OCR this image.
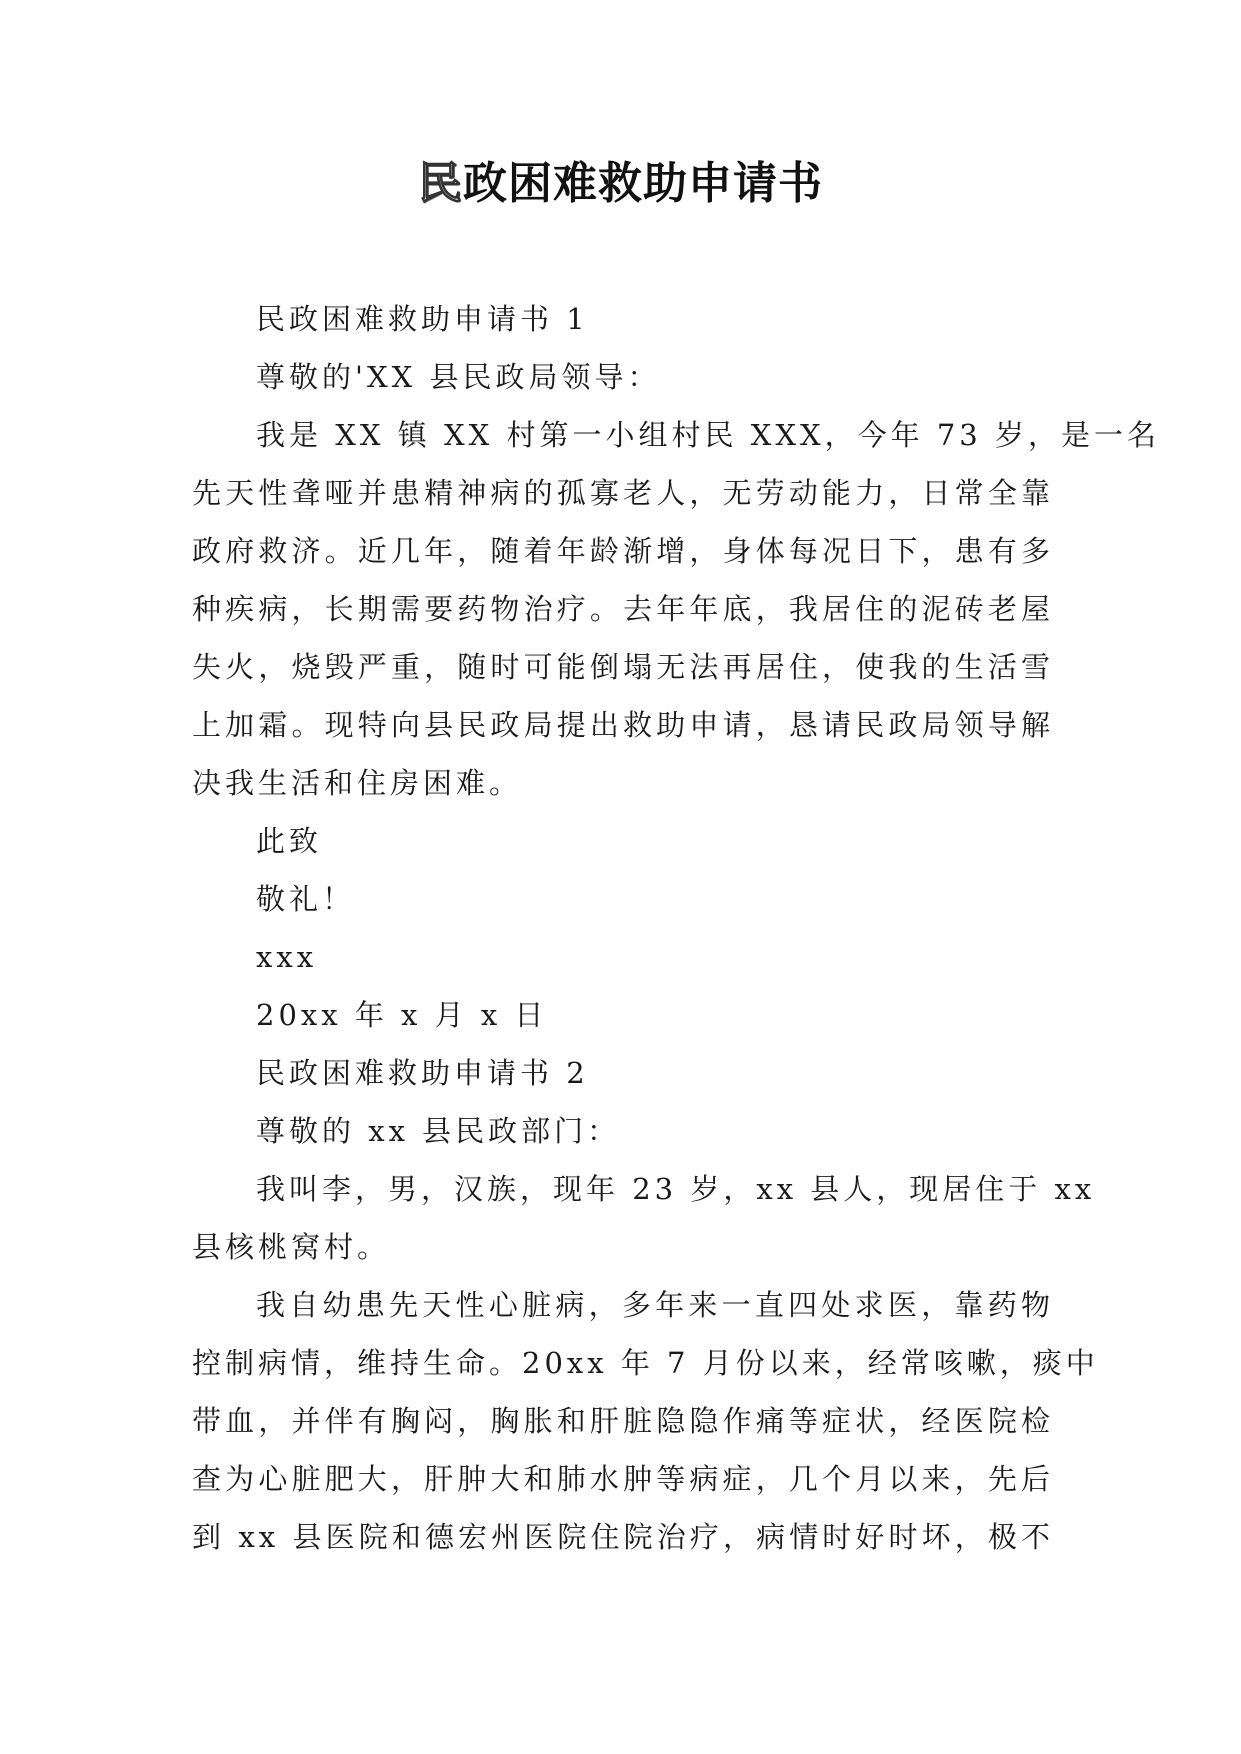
民政困难救助申请书

民政困难救助申请书 1

尊敬的'XX 县民政局领导：

我是 XX 镇 XX 村第一小组村民 XXX，今年 73 岁，是一名

先天性聋哑并患精神病的孤寡老人，无劳动能力，日常全靠

政府救济。近几年，随着年龄渐增，身体每况日下，患有多

种疾病，长期需要药物治疗。去年年底，我居住的泥砖老屋

失火，烧毁严重，随时可能倒塌无法再居住，使我的生活雪

上加霜。现特向县民政局提出救助申请，恳请民政局领导解

决我生活和住房困难。

此致

敬礼！

xxx

20xx 年 x 月 x 日

民政困难救助申请书 2

尊敬的 xx 县民政部门：

我叫李，男，汉族，现年 23 岁，xx 县人，现居住于 xx

县核桃窝村。

我自幼患先天性心脏病，多年来一直四处求医，靠药物

控制病情，维持生命。20xx 年 7 月份以来，经常咳嗽，痰中

带血，并伴有胸闷，胸胀和肝脏隐隐作痛等症状，经医院检

查为心脏肥大，肝肿大和肺水肿等病症，几个月以来，先后

到 xx 县医院和德宏州医院住院治疗，病情时好时坏，极不
